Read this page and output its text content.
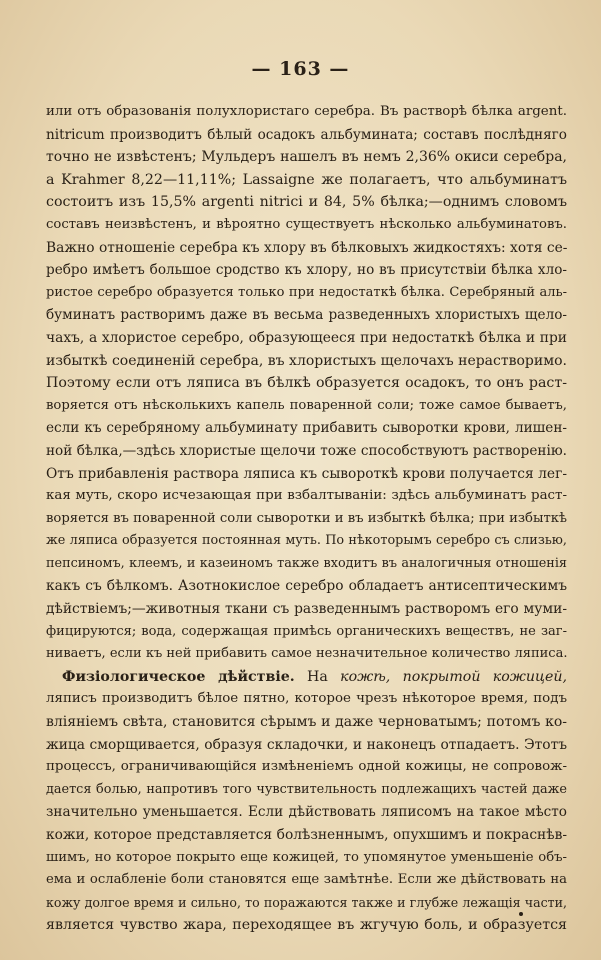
— 163 —
или отъ образованія полухлористаго серебра. Въ растворѣ бѣлка argent.
nitricum производитъ бѣлый осадокъ альбумината; составъ послѣдняго
точно не извѣстенъ; Мульдеръ нашелъ въ немъ 2,36% окиси серебра,
а Krahmer 8,22—11,11%; Lassaigne же полагаетъ, что альбуминатъ
состоитъ изъ 15,5% argenti nitrici и 84, 5% бѣлка;—однимъ словомъ
составъ неизвѣстенъ, и вѣроятно существуетъ нѣсколько альбуминатовъ.
Важно отношеніе серебра къ хлору въ бѣлковыхъ жидкостяхъ: хотя се-
ребро имѣетъ большое сродство къ хлору, но въ присутствіи бѣлка хло-
ристое серебро образуется только при недостаткѣ бѣлка. Серебряный аль-
буминатъ растворимъ даже въ весьма разведенныхъ хлористыхъ щело-
чахъ, а хлористое серебро, образующееся при недостаткѣ бѣлка и при
избыткѣ соединеній серебра, въ хлористыхъ щелочахъ нерастворимо.
Поэтому если отъ ляписа въ бѣлкѣ образуется осадокъ, то онъ раст-
воряется отъ нѣсколькихъ капель поваренной соли; тоже самое бываетъ,
если къ серебряному альбуминату прибавить сыворотки крови, лишен-
ной бѣлка,—здѣсь хлористые щелочи тоже способствуютъ растворенію.
Отъ прибавленія раствора ляписа къ сывороткѣ крови получается лег-
кая муть, скоро исчезающая при взбалтываніи: здѣсь альбуминатъ раст-
воряется въ поваренной соли сыворотки и въ избыткѣ бѣлка; при избыткѣ
же ляписа образуется постоянная муть. По нѣкоторымъ серебро съ слизью,
пепсиномъ, клеемъ, и казеиномъ также входитъ въ аналогичныя отношенія
какъ съ бѣлкомъ. Азотнокислое серебро обладаетъ антисептическимъ
дѣйствіемъ;—животныя ткани съ разведеннымъ растворомъ его муми-
фицируются; вода, содержащая примѣсь органическихъ веществъ, не заг-
ниваетъ, если къ ней прибавить самое незначительное количество ляписа.
Физіологическое дѣйствіе. На кожѣ, покрытой кожицей,
ляписъ производитъ бѣлое пятно, которое чрезъ нѣкоторое время, подъ
вліяніемъ свѣта, становится сѣрымъ и даже черноватымъ; потомъ ко-
жица сморщивается, образуя складочки, и наконецъ отпадаетъ. Этотъ
процессъ, ограничивающійся измѣненіемъ одной кожицы, не сопровож-
дается болью, напротивъ того чувствительность подлежащихъ частей даже
значительно уменьшается. Если дѣйствовать ляписомъ на такое мѣсто
кожи, которое представляется болѣзненнымъ, опухшимъ и покраснѣв-
шимъ, но которое покрыто еще кожицей, то упомянутое уменьшеніе объ-
ема и ослабленіе боли становятся еще замѣтнѣе. Если же дѣйствовать на
кожу долгое время и сильно, то поражаются также и глубже лежащія части,
является чувство жара, переходящее въ жгучую боль, и образуется
